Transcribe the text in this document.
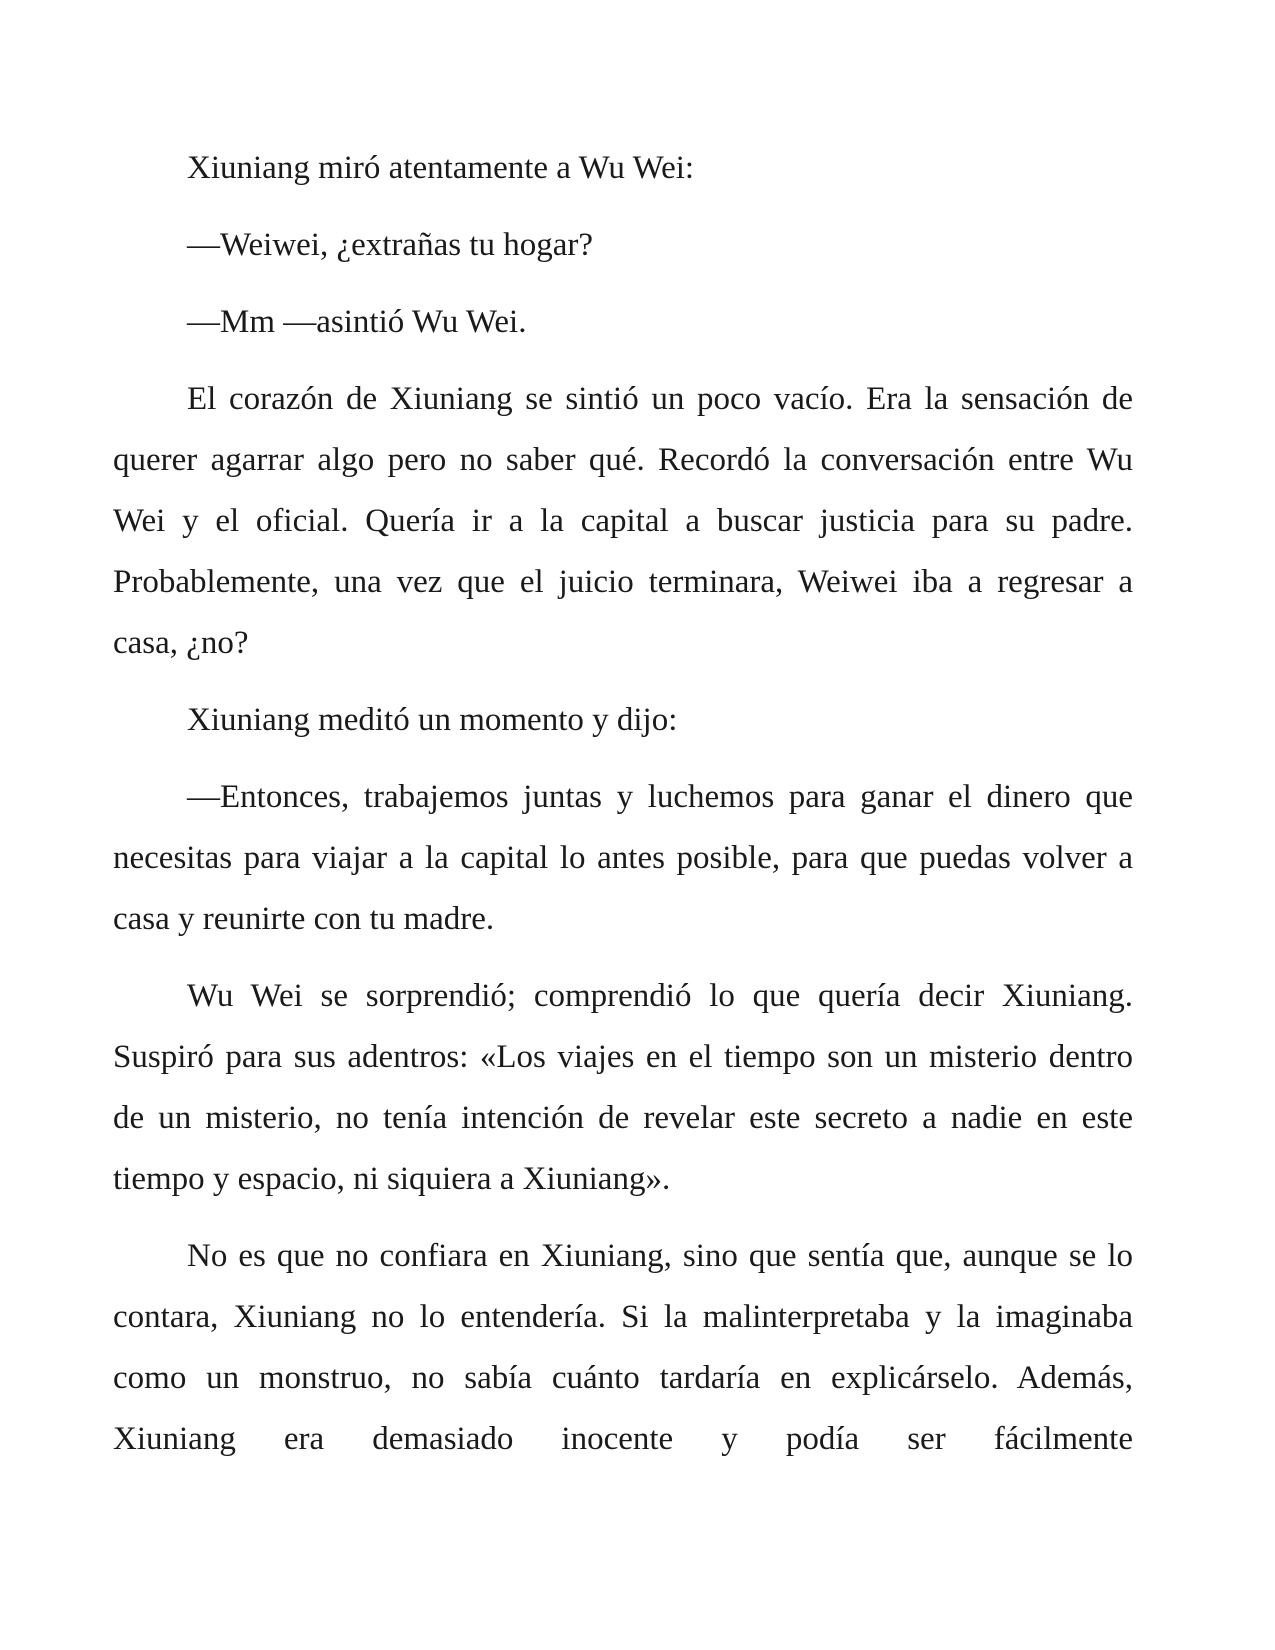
Xiuniang miró atentamente a Wu Wei:

—Weiwei, ¿extrañas tu hogar?

—Mm —asintió Wu Wei.

El corazón de Xiuniang se sintió un poco vacío. Era la sensación de querer agarrar algo pero no saber qué. Recordó la conversación entre Wu Wei y el oficial. Quería ir a la capital a buscar justicia para su padre. Probablemente, una vez que el juicio terminara, Weiwei iba a regresar a casa, ¿no?

Xiuniang meditó un momento y dijo:

—Entonces, trabajemos juntas y luchemos para ganar el dinero que necesitas para viajar a la capital lo antes posible, para que puedas volver a casa y reunirte con tu madre.

Wu Wei se sorprendió; comprendió lo que quería decir Xiuniang. Suspiró para sus adentros: «Los viajes en el tiempo son un misterio dentro de un misterio, no tenía intención de revelar este secreto a nadie en este tiempo y espacio, ni siquiera a Xiuniang».

No es que no confiara en Xiuniang, sino que sentía que, aunque se lo contara, Xiuniang no lo entendería. Si la malinterpretaba y la imaginaba como un monstruo, no sabía cuánto tardaría en explicárselo. Además, Xiuniang era demasiado inocente y podía ser fácilmente
